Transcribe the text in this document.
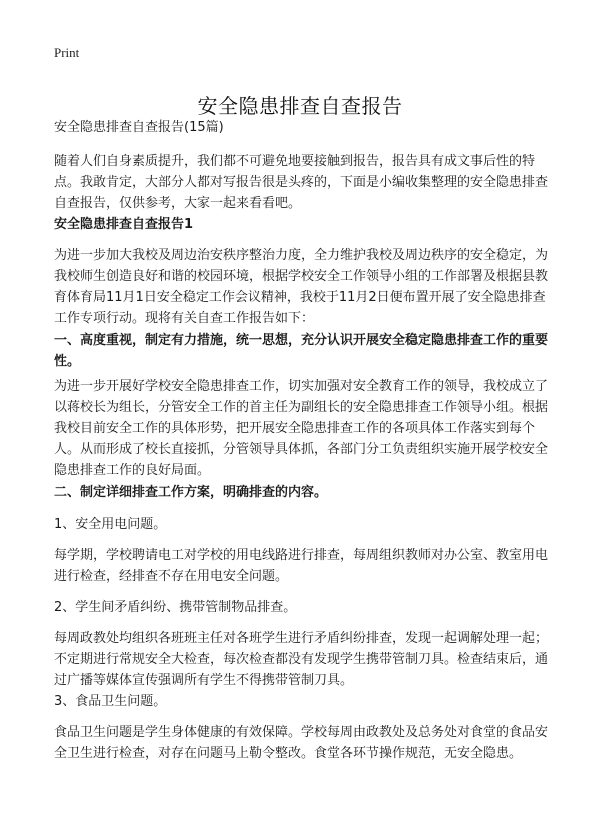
Print
安全隐患排查自查报告

安全隐患排查自查报告(15篇)

随着人们自身素质提升，我们都不可避免地要接触到报告，报告具有成文事后性的特点。我敢肯定，大部分人都对写报告很是头疼的，下面是小编收集整理的安全隐患排查自查报告，仅供参考，大家一起来看看吧。

安全隐患排查自查报告1

为进一步加大我校及周边治安秩序整治力度，全力维护我校及周边秩序的安全稳定，为我校师生创造良好和谐的校园环境，根据学校安全工作领导小组的工作部署及根据县教育体育局11月1日安全稳定工作会议精神，我校于11月2日便布置开展了安全隐患排查工作专项行动。现将有关自查工作报告如下：

一、高度重视，制定有力措施，统一思想，充分认识开展安全稳定隐患排查工作的重要性。

为进一步开展好学校安全隐患排查工作，切实加强对安全教育工作的领导，我校成立了以蒋校长为组长，分管安全工作的首主任为副组长的安全隐患排查工作领导小组。根据我校目前安全工作的具体形势，把开展安全隐患排查工作的各项具体工作落实到每个人。从而形成了校长直接抓，分管领导具体抓，各部门分工负责组织实施开展学校安全隐患排查工作的良好局面。

二、制定详细排查工作方案，明确排查的内容。

1、安全用电问题。

每学期，学校聘请电工对学校的用电线路进行排查，每周组织教师对办公室、教室用电进行检查，经排查不存在用电安全问题。

2、学生间矛盾纠纷、携带管制物品排查。

每周政教处均组织各班班主任对各班学生进行矛盾纠纷排查，发现一起调解处理一起；不定期进行常规安全大检查，每次检查都没有发现学生携带管制刀具。检查结束后，通过广播等媒体宣传强调所有学生不得携带管制刀具。

3、食品卫生问题。

食品卫生问题是学生身体健康的有效保障。学校每周由政教处及总务处对食堂的食品安全卫生进行检查，对存在问题马上勒令整改。食堂各环节操作规范，无安全隐患。
